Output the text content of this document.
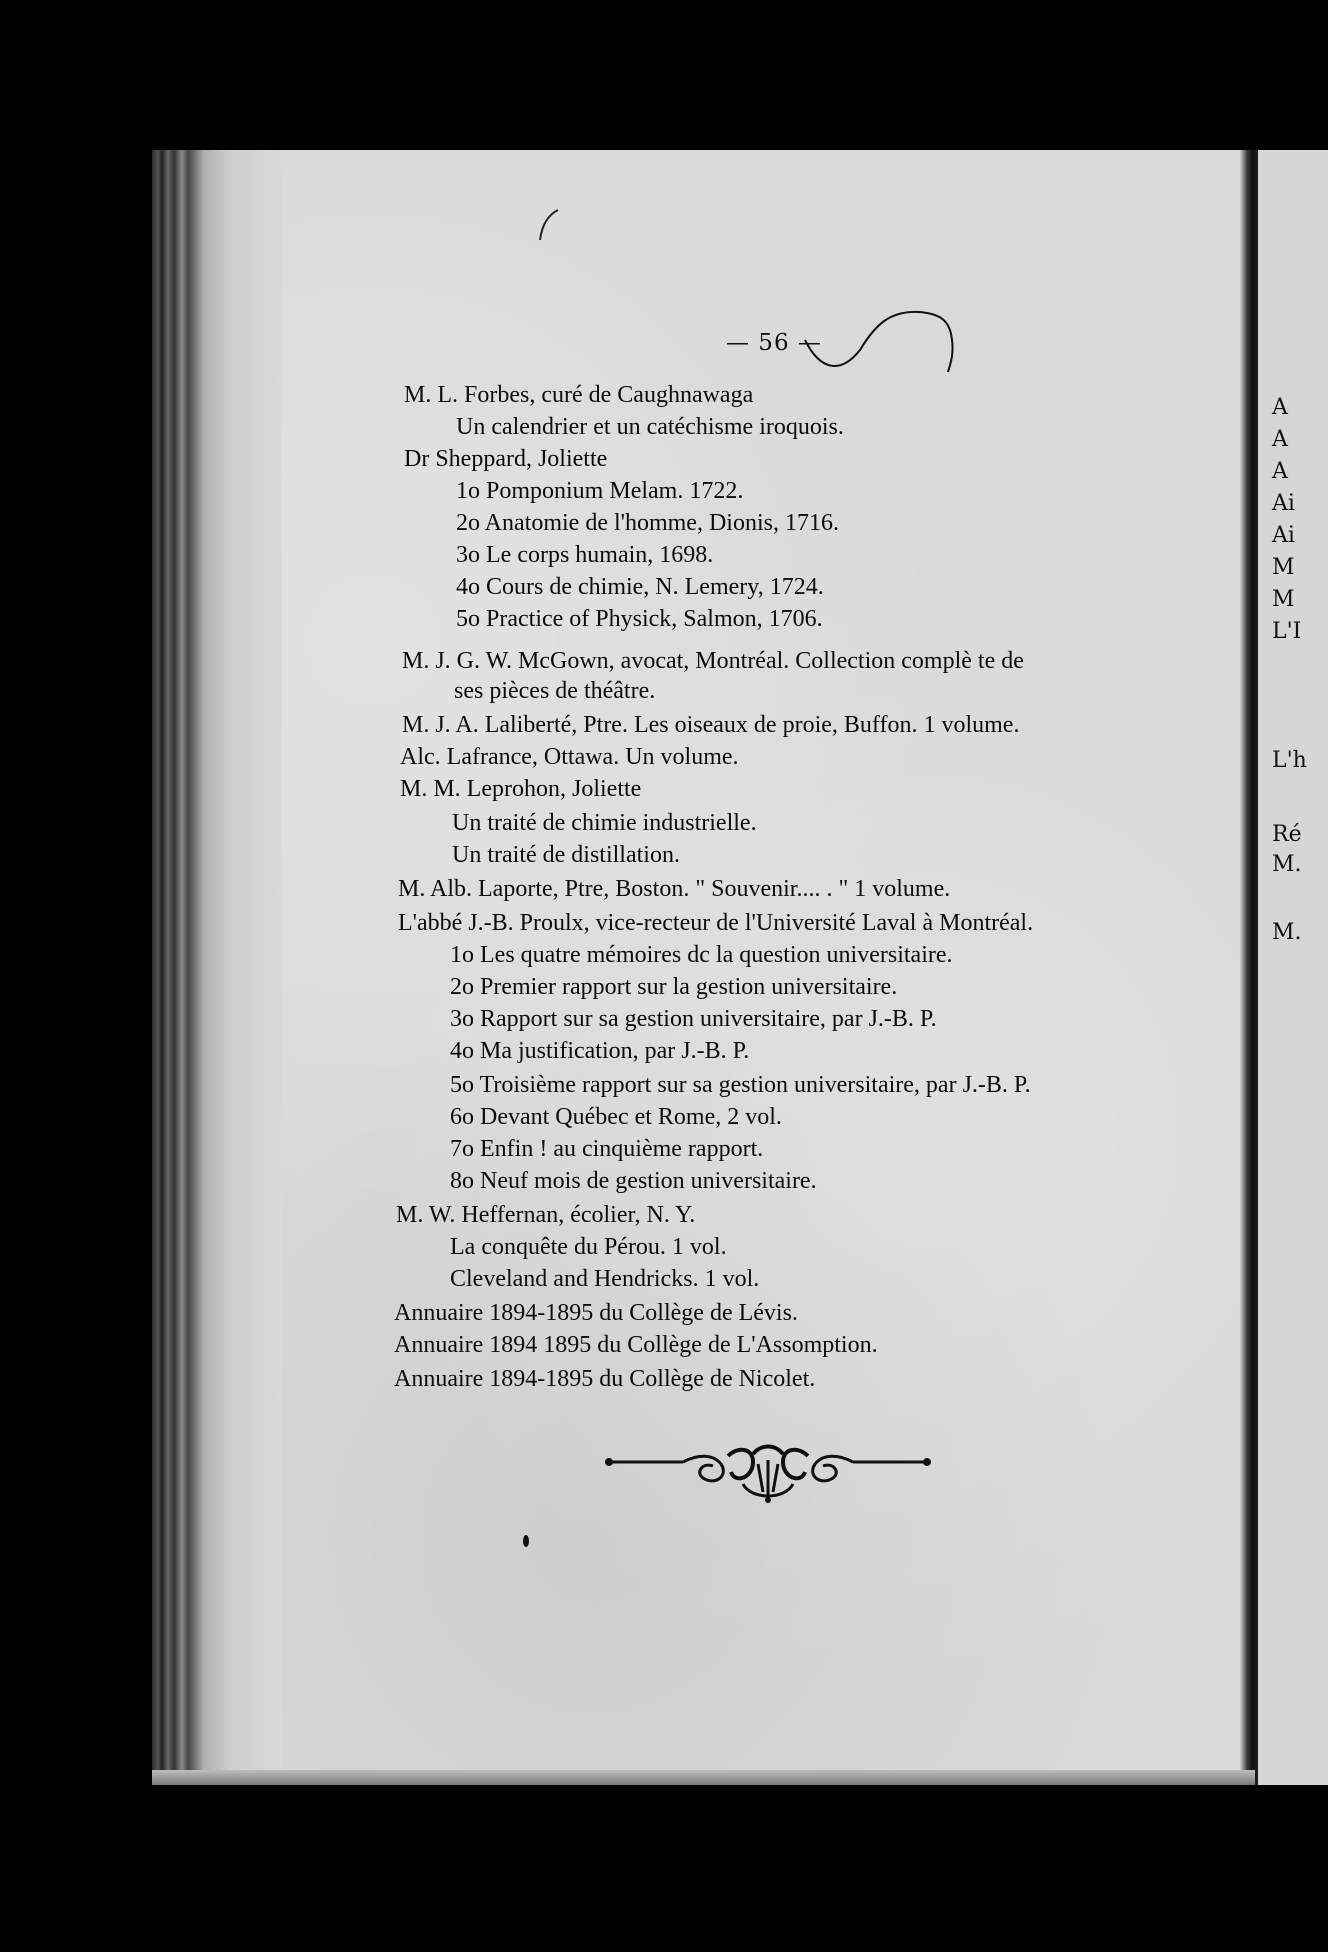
A
A
A
Ai
Ai
M
M
L'I
L'h
Ré
M.
M.
— 56 —
M. L. Forbes, curé de Caughnawaga
Un calendrier et un catéchisme iroquois.
Dr Sheppard, Joliette
1o Pomponium Melam. 1722.
2o Anatomie de l'homme, Dionis, 1716.
3o Le corps humain, 1698.
4o Cours de chimie, N. Lemery, 1724.
5o Practice of Physick, Salmon, 1706.
M. J. G. W. McGown, avocat, Montréal. Collection complè te de
ses pièces de théâtre.
M. J. A. Laliberté, Ptre. Les oiseaux de proie, Buffon. 1 volume.
Alc. Lafrance, Ottawa. Un volume.
M. M. Leprohon, Joliette
Un traité de chimie industrielle.
Un traité de distillation.
M. Alb. Laporte, Ptre, Boston. " Souvenir.... . " 1 volume.
L'abbé J.-B. Proulx, vice-recteur de l'Université Laval à Montréal.
1o Les quatre mémoires dc la question universitaire.
2o Premier rapport sur la gestion universitaire.
3o Rapport sur sa gestion universitaire, par J.-B. P.
4o Ma justification, par J.-B. P.
5o Troisième rapport sur sa gestion universitaire, par J.-B. P.
6o Devant Québec et Rome, 2 vol.
7o Enfin ! au cinquième rapport.
8o Neuf mois de gestion universitaire.
M. W. Heffernan, écolier, N. Y.
La conquête du Pérou. 1 vol.
Cleveland and Hendricks. 1 vol.
Annuaire 1894-1895 du Collège de Lévis.
Annuaire 1894 1895 du Collège de L'Assomption.
Annuaire 1894-1895 du Collège de Nicolet.
